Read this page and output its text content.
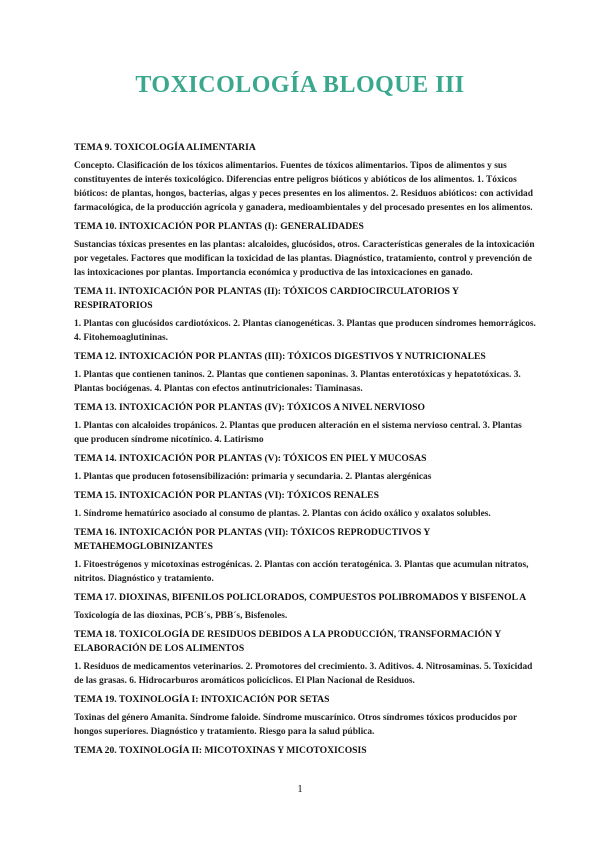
TOXICOLOGÍA BLOQUE III
TEMA 9. TOXICOLOGÍA ALIMENTARIA
Concepto. Clasificación de los tóxicos alimentarios. Fuentes de tóxicos alimentarios. Tipos de alimentos y sus constituyentes de interés toxicológico. Diferencias entre peligros bióticos y abióticos de los alimentos. 1. Tóxicos bióticos: de plantas, hongos, bacterias, algas y peces presentes en los alimentos. 2. Residuos abióticos: con actividad farmacológica, de la producción agrícola y ganadera, medioambientales y del procesado presentes en los alimentos.
TEMA 10. INTOXICACIÓN POR PLANTAS (I): GENERALIDADES
Sustancias tóxicas presentes en las plantas: alcaloides, glucósidos, otros. Características generales de la intoxicación por vegetales. Factores que modifican la toxicidad de las plantas. Diagnóstico, tratamiento, control y prevención de las intoxicaciones por plantas. Importancia económica y productiva de las intoxicaciones en ganado.
TEMA 11. INTOXICACIÓN POR PLANTAS (II): TÓXICOS CARDIOCIRCULATORIOS Y RESPIRATORIOS
1. Plantas con glucósidos cardiotóxicos. 2. Plantas cianogenéticas. 3. Plantas que producen síndromes hemorrágicos. 4. Fitohemoaglutininas.
TEMA 12. INTOXICACIÓN POR PLANTAS (III): TÓXICOS DIGESTIVOS Y NUTRICIONALES
1. Plantas que contienen taninos. 2. Plantas que contienen saponinas. 3. Plantas enterotóxicas y hepatotóxicas. 3. Plantas bociógenas. 4. Plantas con efectos antinutricionales: Tiaminasas.
TEMA 13. INTOXICACIÓN POR PLANTAS (IV): TÓXICOS A NIVEL NERVIOSO
1. Plantas con alcaloides tropánicos. 2. Plantas que producen alteración en el sistema nervioso central. 3. Plantas que producen síndrome nicotínico. 4. Latirismo
TEMA 14. INTOXICACIÓN POR PLANTAS (V): TÓXICOS EN PIEL Y MUCOSAS
1. Plantas que producen fotosensibilización: primaria y secundaria. 2. Plantas alergénicas
TEMA 15. INTOXICACIÓN POR PLANTAS (VI): TÓXICOS RENALES
1. Síndrome hematúrico asociado al consumo de plantas. 2. Plantas con ácido oxálico y oxalatos solubles.
TEMA 16. INTOXICACIÓN POR PLANTAS (VII): TÓXICOS REPRODUCTIVOS Y METAHEMOGLOBINIZANTES
1. Fitoestrógenos y micotoxinas estrogénicas. 2. Plantas con acción teratogénica. 3. Plantas que acumulan nitratos, nitritos. Diagnóstico y tratamiento.
TEMA 17. DIOXINAS, BIFENILOS POLICLORADOS, COMPUESTOS POLIBROMADOS Y BISFENOL A
Toxicología de las dioxinas, PCB´s, PBB´s, Bisfenoles.
TEMA 18. TOXICOLOGÍA DE RESIDUOS DEBIDOS A LA PRODUCCIÓN, TRANSFORMACIÓN Y ELABORACIÓN DE LOS ALIMENTOS
1. Residuos de medicamentos veterinarios. 2. Promotores del crecimiento. 3. Aditivos. 4. Nitrosaminas. 5. Toxicidad de las grasas. 6. Hidrocarburos aromáticos policíclicos. El Plan Nacional de Residuos.
TEMA 19. TOXINOLOGÍA I: INTOXICACIÓN POR SETAS
Toxinas del género Amanita. Síndrome faloide. Síndrome muscarínico. Otros síndromes tóxicos producidos por hongos superiores. Diagnóstico y tratamiento. Riesgo para la salud pública.
TEMA 20. TOXINOLOGÍA II: MICOTOXINAS Y MICOTOXICOSIS
1
